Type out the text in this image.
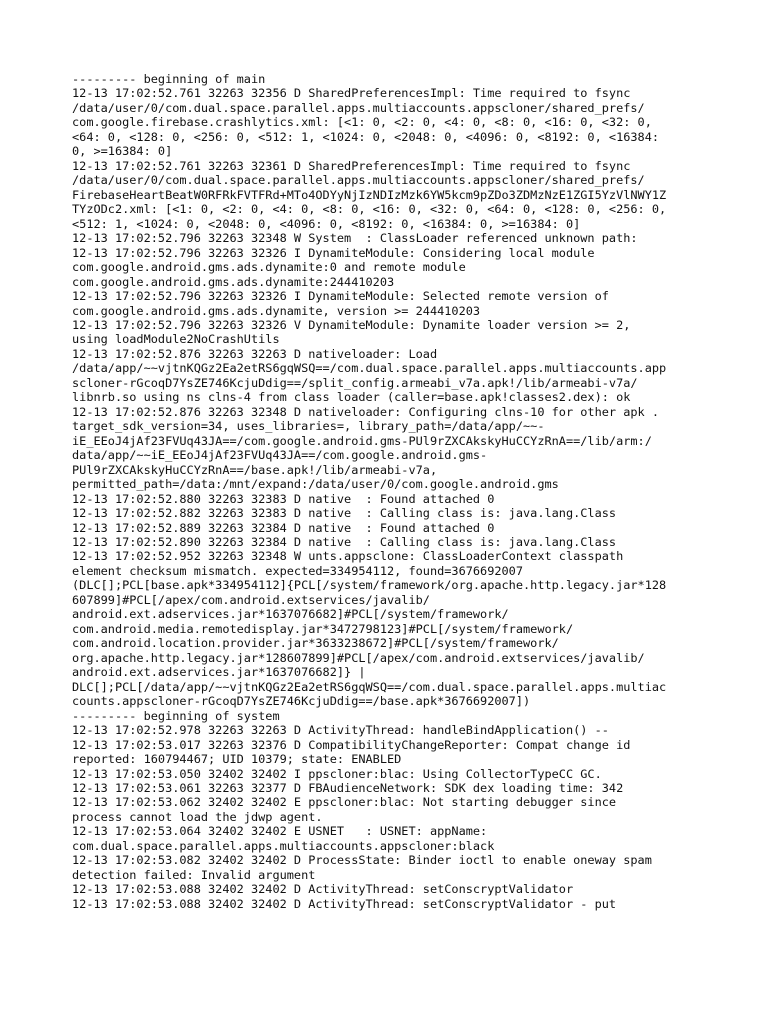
--------- beginning of main
12-13 17:02:52.761 32263 32356 D SharedPreferencesImpl: Time required to fsync
/data/user/0/com.dual.space.parallel.apps.multiaccounts.appscloner/shared_prefs/
com.google.firebase.crashlytics.xml: [<1: 0, <2: 0, <4: 0, <8: 0, <16: 0, <32: 0,
<64: 0, <128: 0, <256: 0, <512: 1, <1024: 0, <2048: 0, <4096: 0, <8192: 0, <16384:
0, >=16384: 0]
12-13 17:02:52.761 32263 32361 D SharedPreferencesImpl: Time required to fsync
/data/user/0/com.dual.space.parallel.apps.multiaccounts.appscloner/shared_prefs/
FirebaseHeartBeatW0RFRkFVTFRd+MTo4ODYyNjIzNDIzMzk6YW5kcm9pZDo3ZDMzNzE1ZGI5YzVlNWY1Z
TYzODc2.xml: [<1: 0, <2: 0, <4: 0, <8: 0, <16: 0, <32: 0, <64: 0, <128: 0, <256: 0,
<512: 1, <1024: 0, <2048: 0, <4096: 0, <8192: 0, <16384: 0, >=16384: 0]
12-13 17:02:52.796 32263 32348 W System  : ClassLoader referenced unknown path:
12-13 17:02:52.796 32263 32326 I DynamiteModule: Considering local module
com.google.android.gms.ads.dynamite:0 and remote module
com.google.android.gms.ads.dynamite:244410203
12-13 17:02:52.796 32263 32326 I DynamiteModule: Selected remote version of
com.google.android.gms.ads.dynamite, version >= 244410203
12-13 17:02:52.796 32263 32326 V DynamiteModule: Dynamite loader version >= 2,
using loadModule2NoCrashUtils
12-13 17:02:52.876 32263 32263 D nativeloader: Load
/data/app/~~vjtnKQGz2Ea2etRS6gqWSQ==/com.dual.space.parallel.apps.multiaccounts.app
scloner-rGcoqD7YsZE746KcjuDdig==/split_config.armeabi_v7a.apk!/lib/armeabi-v7a/
libnrb.so using ns clns-4 from class loader (caller=base.apk!classes2.dex): ok
12-13 17:02:52.876 32263 32348 D nativeloader: Configuring clns-10 for other apk .
target_sdk_version=34, uses_libraries=, library_path=/data/app/~~-
iE_EEoJ4jAf23FVUq43JA==/com.google.android.gms-PUl9rZXCAkskyHuCCYzRnA==/lib/arm:/
data/app/~~iE_EEoJ4jAf23FVUq43JA==/com.google.android.gms-
PUl9rZXCAkskyHuCCYzRnA==/base.apk!/lib/armeabi-v7a,
permitted_path=/data:/mnt/expand:/data/user/0/com.google.android.gms
12-13 17:02:52.880 32263 32383 D native  : Found attached 0
12-13 17:02:52.882 32263 32383 D native  : Calling class is: java.lang.Class
12-13 17:02:52.889 32263 32384 D native  : Found attached 0
12-13 17:02:52.890 32263 32384 D native  : Calling class is: java.lang.Class
12-13 17:02:52.952 32263 32348 W unts.appsclone: ClassLoaderContext classpath
element checksum mismatch. expected=334954112, found=3676692007
(DLC[];PCL[base.apk*334954112]{PCL[/system/framework/org.apache.http.legacy.jar*128
607899]#PCL[/apex/com.android.extservices/javalib/
android.ext.adservices.jar*1637076682]#PCL[/system/framework/
com.android.media.remotedisplay.jar*3472798123]#PCL[/system/framework/
com.android.location.provider.jar*3633238672]#PCL[/system/framework/
org.apache.http.legacy.jar*128607899]#PCL[/apex/com.android.extservices/javalib/
android.ext.adservices.jar*1637076682]} |
DLC[];PCL[/data/app/~~vjtnKQGz2Ea2etRS6gqWSQ==/com.dual.space.parallel.apps.multiac
counts.appscloner-rGcoqD7YsZE746KcjuDdig==/base.apk*3676692007])
--------- beginning of system
12-13 17:02:52.978 32263 32263 D ActivityThread: handleBindApplication() --
12-13 17:02:53.017 32263 32376 D CompatibilityChangeReporter: Compat change id
reported: 160794467; UID 10379; state: ENABLED
12-13 17:02:53.050 32402 32402 I ppscloner:blac: Using CollectorTypeCC GC.
12-13 17:02:53.061 32263 32377 D FBAudienceNetwork: SDK dex loading time: 342
12-13 17:02:53.062 32402 32402 E ppscloner:blac: Not starting debugger since
process cannot load the jdwp agent.
12-13 17:02:53.064 32402 32402 E USNET   : USNET: appName:
com.dual.space.parallel.apps.multiaccounts.appscloner:black
12-13 17:02:53.082 32402 32402 D ProcessState: Binder ioctl to enable oneway spam
detection failed: Invalid argument
12-13 17:02:53.088 32402 32402 D ActivityThread: setConscryptValidator
12-13 17:02:53.088 32402 32402 D ActivityThread: setConscryptValidator - put
